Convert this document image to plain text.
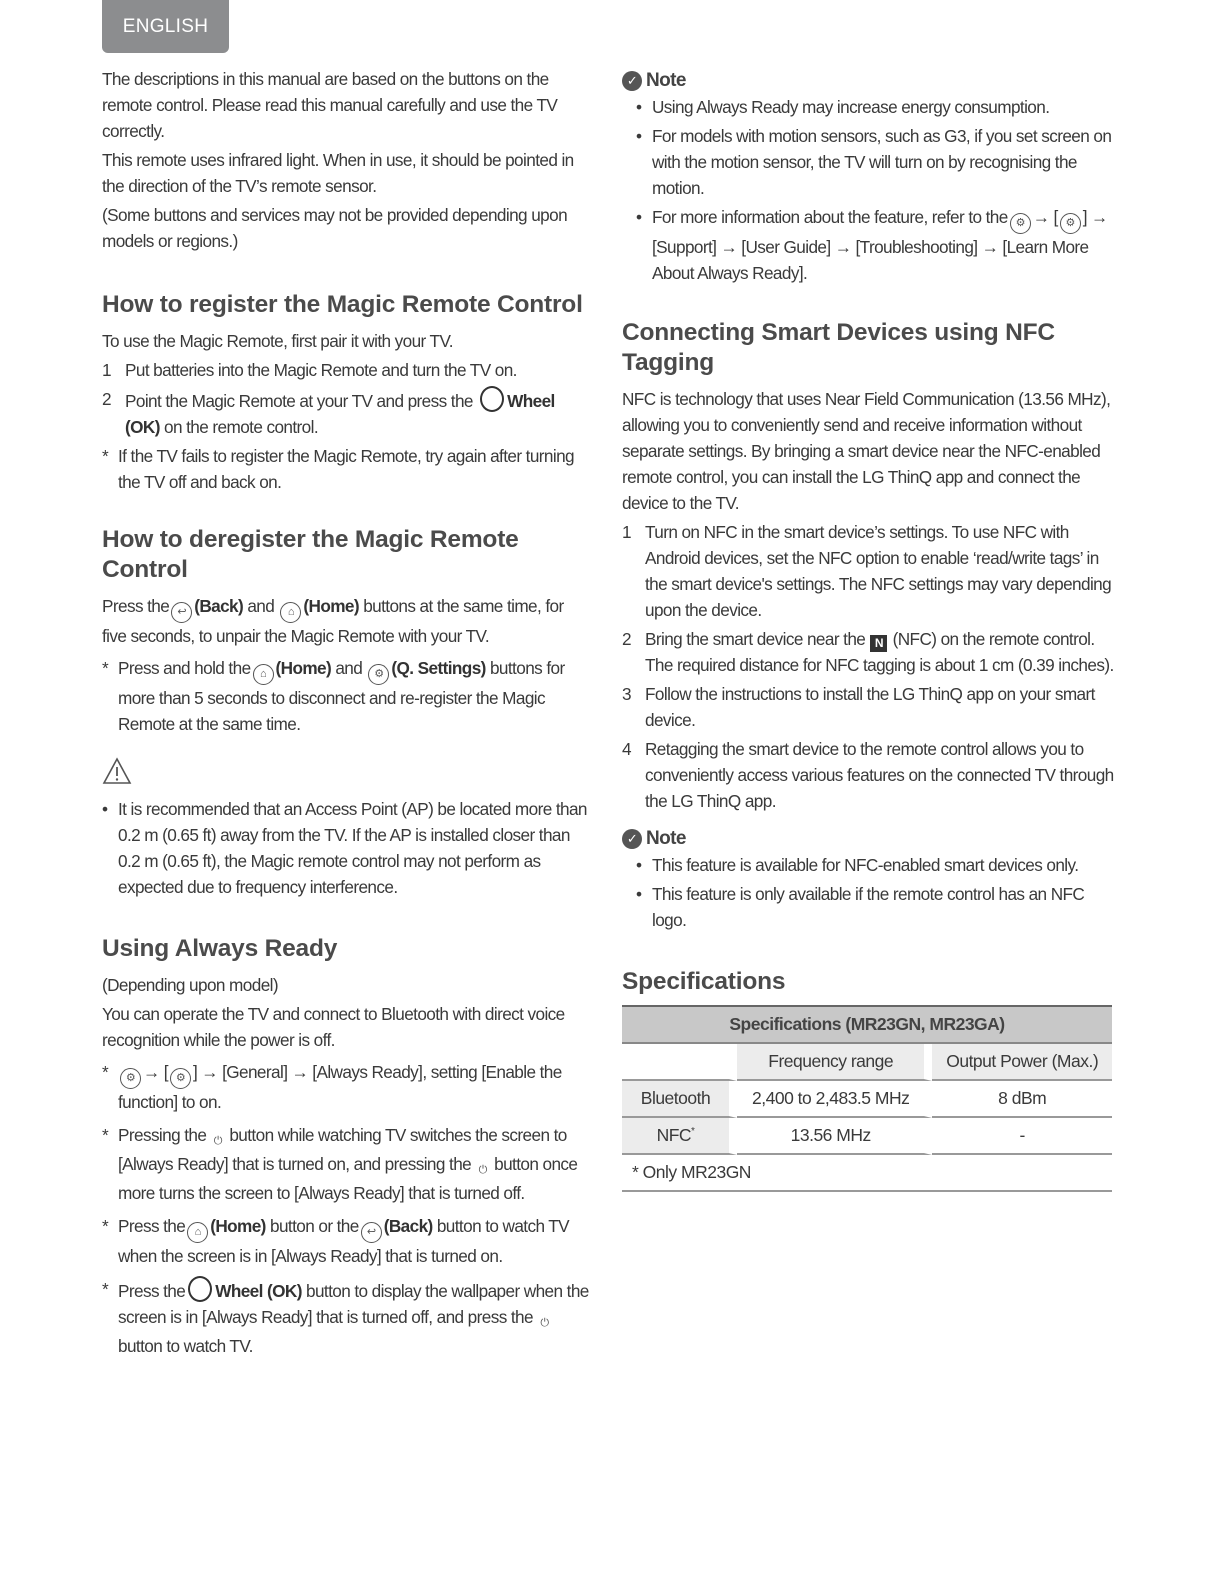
ENGLISH

The descriptions in this manual are based on the buttons on the remote control. Please read this manual carefully and use the TV correctly.

This remote uses infrared light. When in use, it should be pointed in the direction of the TV’s remote sensor.

(Some buttons and services may not be provided depending upon models or regions.)

How to register the Magic Remote Control

To use the Magic Remote, first pair it with your TV.

1 Put batteries into the Magic Remote and turn the TV on.
2 Point the Magic Remote at your TV and press the Wheel (OK) on the remote control.
* If the TV fails to register the Magic Remote, try again after turning the TV off and back on.
How to deregister the Magic Remote Control

Press the ↩ (Back) and ⌂ (Home) buttons at the same time, for five seconds, to unpair the Magic Remote with your TV.

* Press and hold the ⌂ (Home) and ⚙ (Q. Settings) buttons for more than 5 seconds to disconnect and re-register the Magic Remote at the same time.
• It is recommended that an Access Point (AP) be located more than 0.2 m (0.65 ft) away from the TV. If the AP is installed closer than 0.2 m (0.65 ft), the Magic remote control may not perform as expected due to frequency interference.
Using Always Ready

(Depending upon model)

You can operate the TV and connect to Bluetooth with direct voice recognition while the power is off.

* ⚙ → [ ⚙ ] → [General] → [Always Ready], setting [Enable the function] to on.
* Pressing the ⏻ button while watching TV switches the screen to [Always Ready] that is turned on, and pressing the ⏻ button once more turns the screen to [Always Ready] that is turned off.
* Press the ⌂ (Home) button or the ↩ (Back) button to watch TV when the screen is in [Always Ready] that is turned on.
* Press the Wheel (OK) button to display the wallpaper when the screen is in [Always Ready] that is turned off, and press the ⏻button to watch TV.
✓ Note
• Using Always Ready may increase energy consumption.
• For models with motion sensors, such as G3, if you set screen on with the motion sensor, the TV will turn on by recognising the motion.
• For more information about the feature, refer to the ⚙ → [ ⚙ ] → [Support] → [User Guide] → [Troubleshooting] → [Learn More About Always Ready].
Connecting Smart Devices using NFC Tagging

NFC is technology that uses Near Field Communication (13.56 MHz), allowing you to conveniently send and receive information without separate settings. By bringing a smart device near the NFC-enabled remote control, you can install the LG ThinQ app and connect the device to the TV.

1 Turn on NFC in the smart device’s settings. To use NFC with Android devices, set the NFC option to enable ‘read/write tags’ in the smart device's settings. The NFC settings may vary depending upon the device.
2 Bring the smart device near the N (NFC) on the remote control. The required distance for NFC tagging is about 1 cm (0.39 inches).
3 Follow the instructions to install the LG ThinQ app on your smart device.
4 Retagging the smart device to the remote control allows you to conveniently access various features on the connected TV through the LG ThinQ app.
✓ Note
• This feature is available for NFC-enabled smart devices only.
• This feature is only available if the remote control has an NFC logo.
Specifications
Specifications (MR23GN, MR23GA)		
	Frequency range	Output Power (Max.)
Bluetooth	2,400 to 2,483.5 MHz	8 dBm
NFC*	13.56 MHz	-
* Only MR23GN		
